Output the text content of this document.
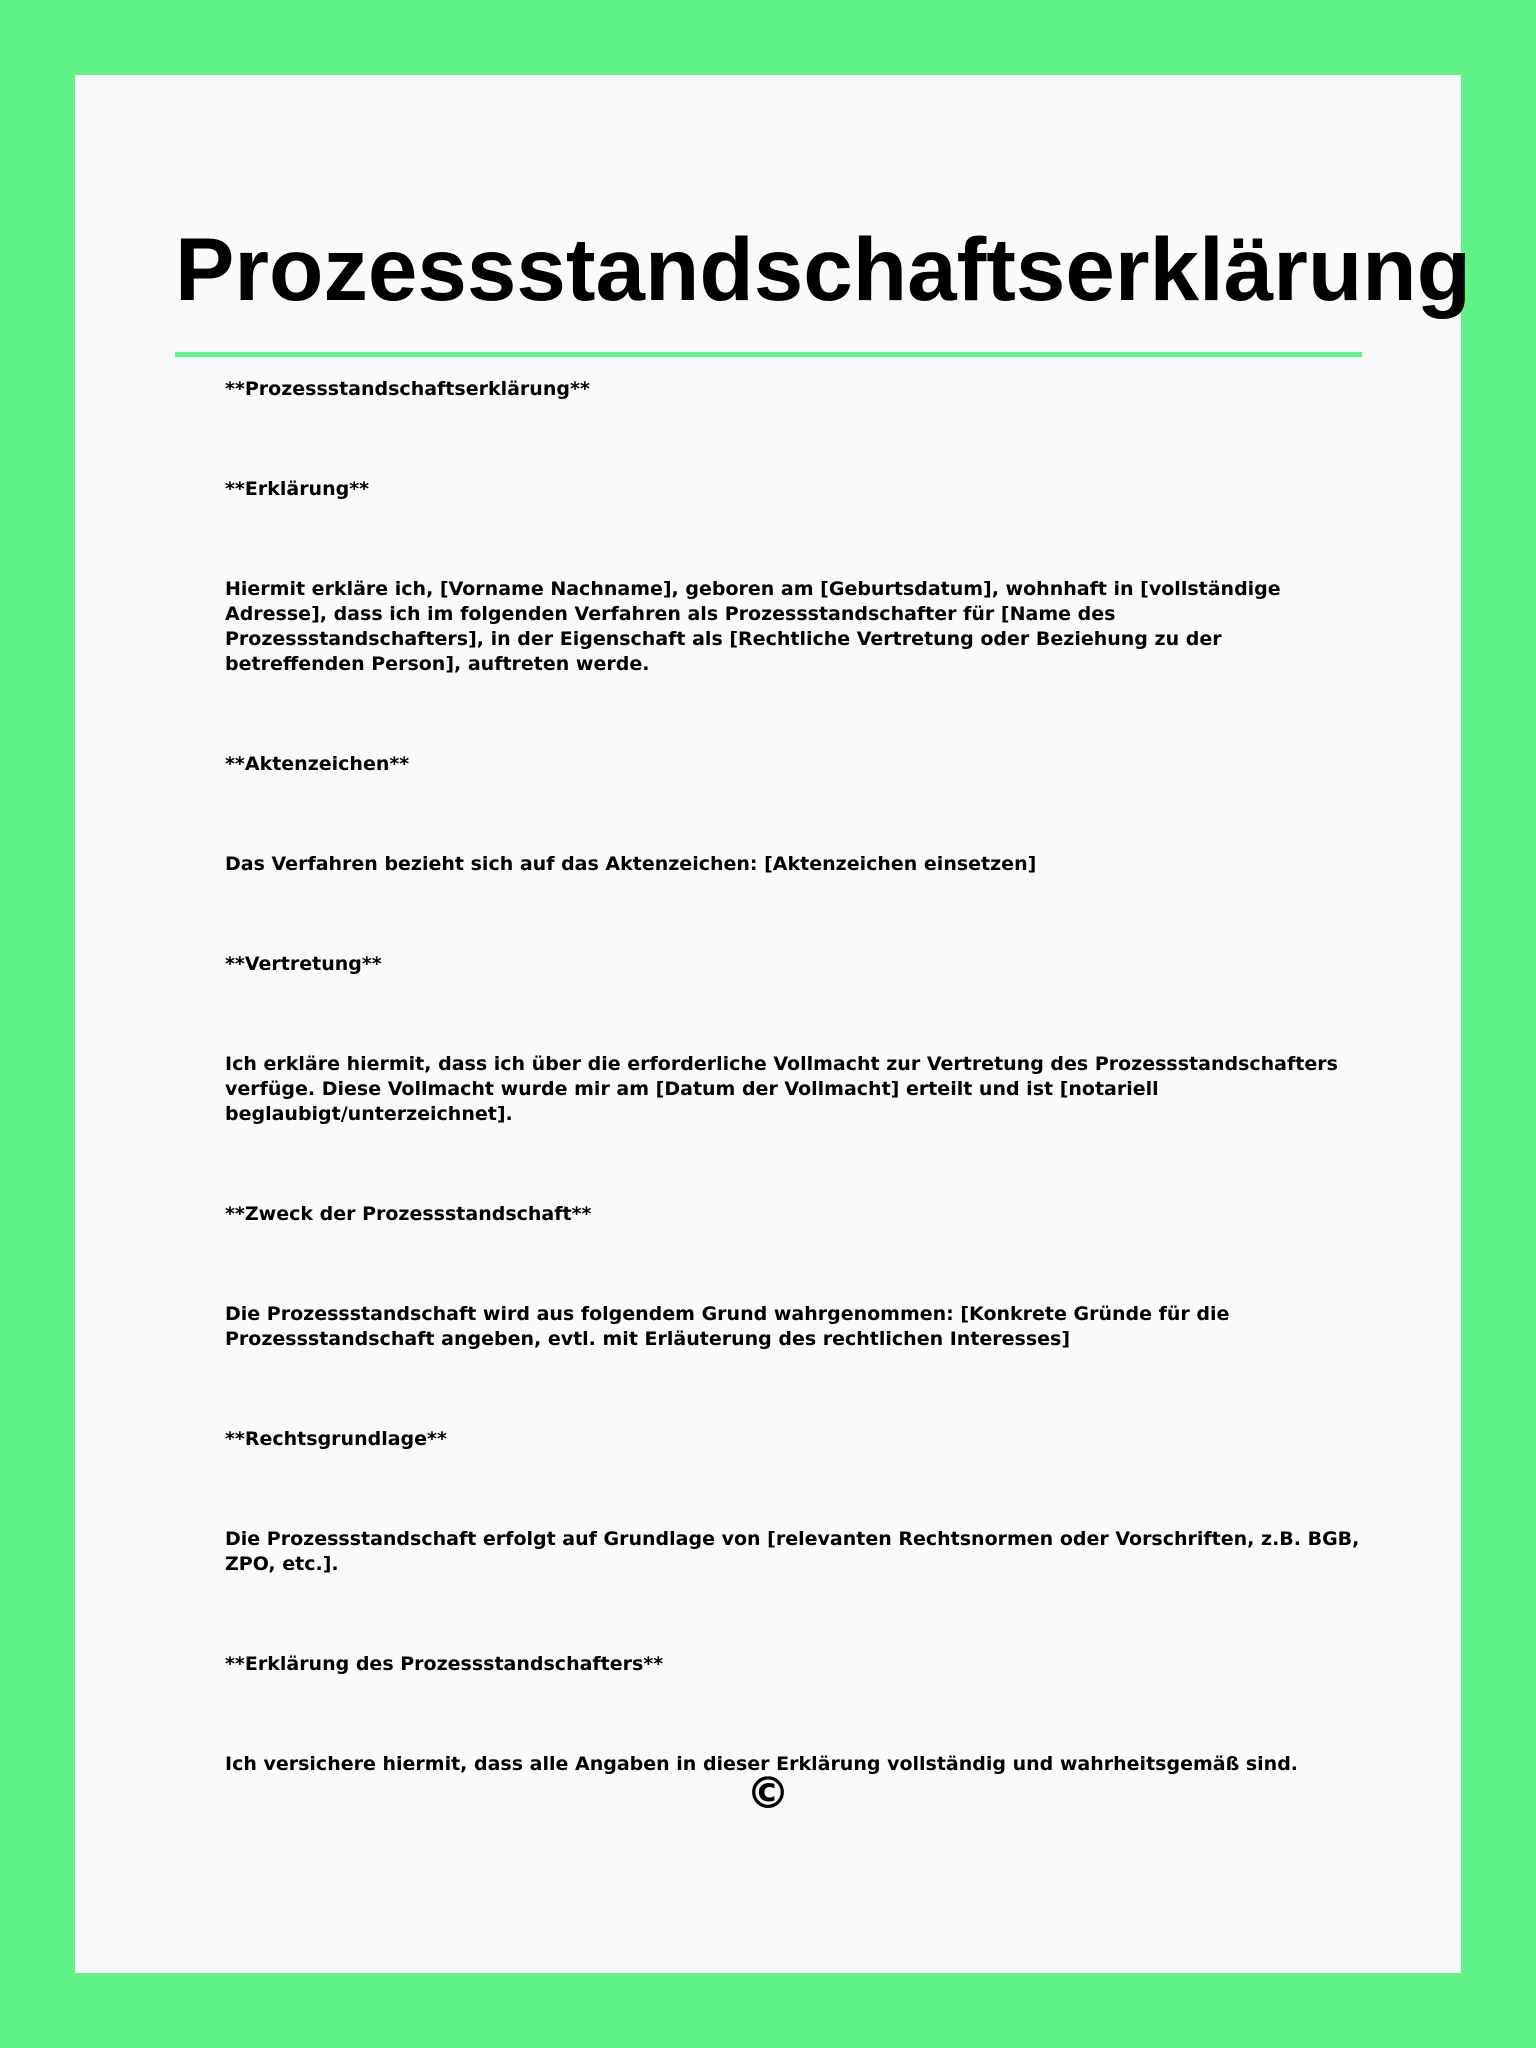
Prozessstandschaftserklärung

**Prozessstandschaftserklärung**

**Erklärung**

Hiermit erkläre ich, [Vorname Nachname], geboren am [Geburtsdatum], wohnhaft in [vollständige Adresse], dass ich im folgenden Verfahren als Prozessstandschafter für [Name des Prozessstandschafters], in der Eigenschaft als [Rechtliche Vertretung oder Beziehung zu der betreffenden Person], auftreten werde.

**Aktenzeichen**

Das Verfahren bezieht sich auf das Aktenzeichen: [Aktenzeichen einsetzen]

**Vertretung**

Ich erkläre hiermit, dass ich über die erforderliche Vollmacht zur Vertretung des Prozessstandschafters verfüge. Diese Vollmacht wurde mir am [Datum der Vollmacht] erteilt und ist [notariell beglaubigt/unterzeichnet].

**Zweck der Prozessstandschaft**

Die Prozessstandschaft wird aus folgendem Grund wahrgenommen: [Konkrete Gründe für die Prozessstandschaft angeben, evtl. mit Erläuterung des rechtlichen Interesses]

**Rechtsgrundlage**

Die Prozessstandschaft erfolgt auf Grundlage von [relevanten Rechtsnormen oder Vorschriften, z.B. BGB, ZPO, etc.].

**Erklärung des Prozessstandschafters**

Ich versichere hiermit, dass alle Angaben in dieser Erklärung vollständig und wahrheitsgemäß sind.

©
